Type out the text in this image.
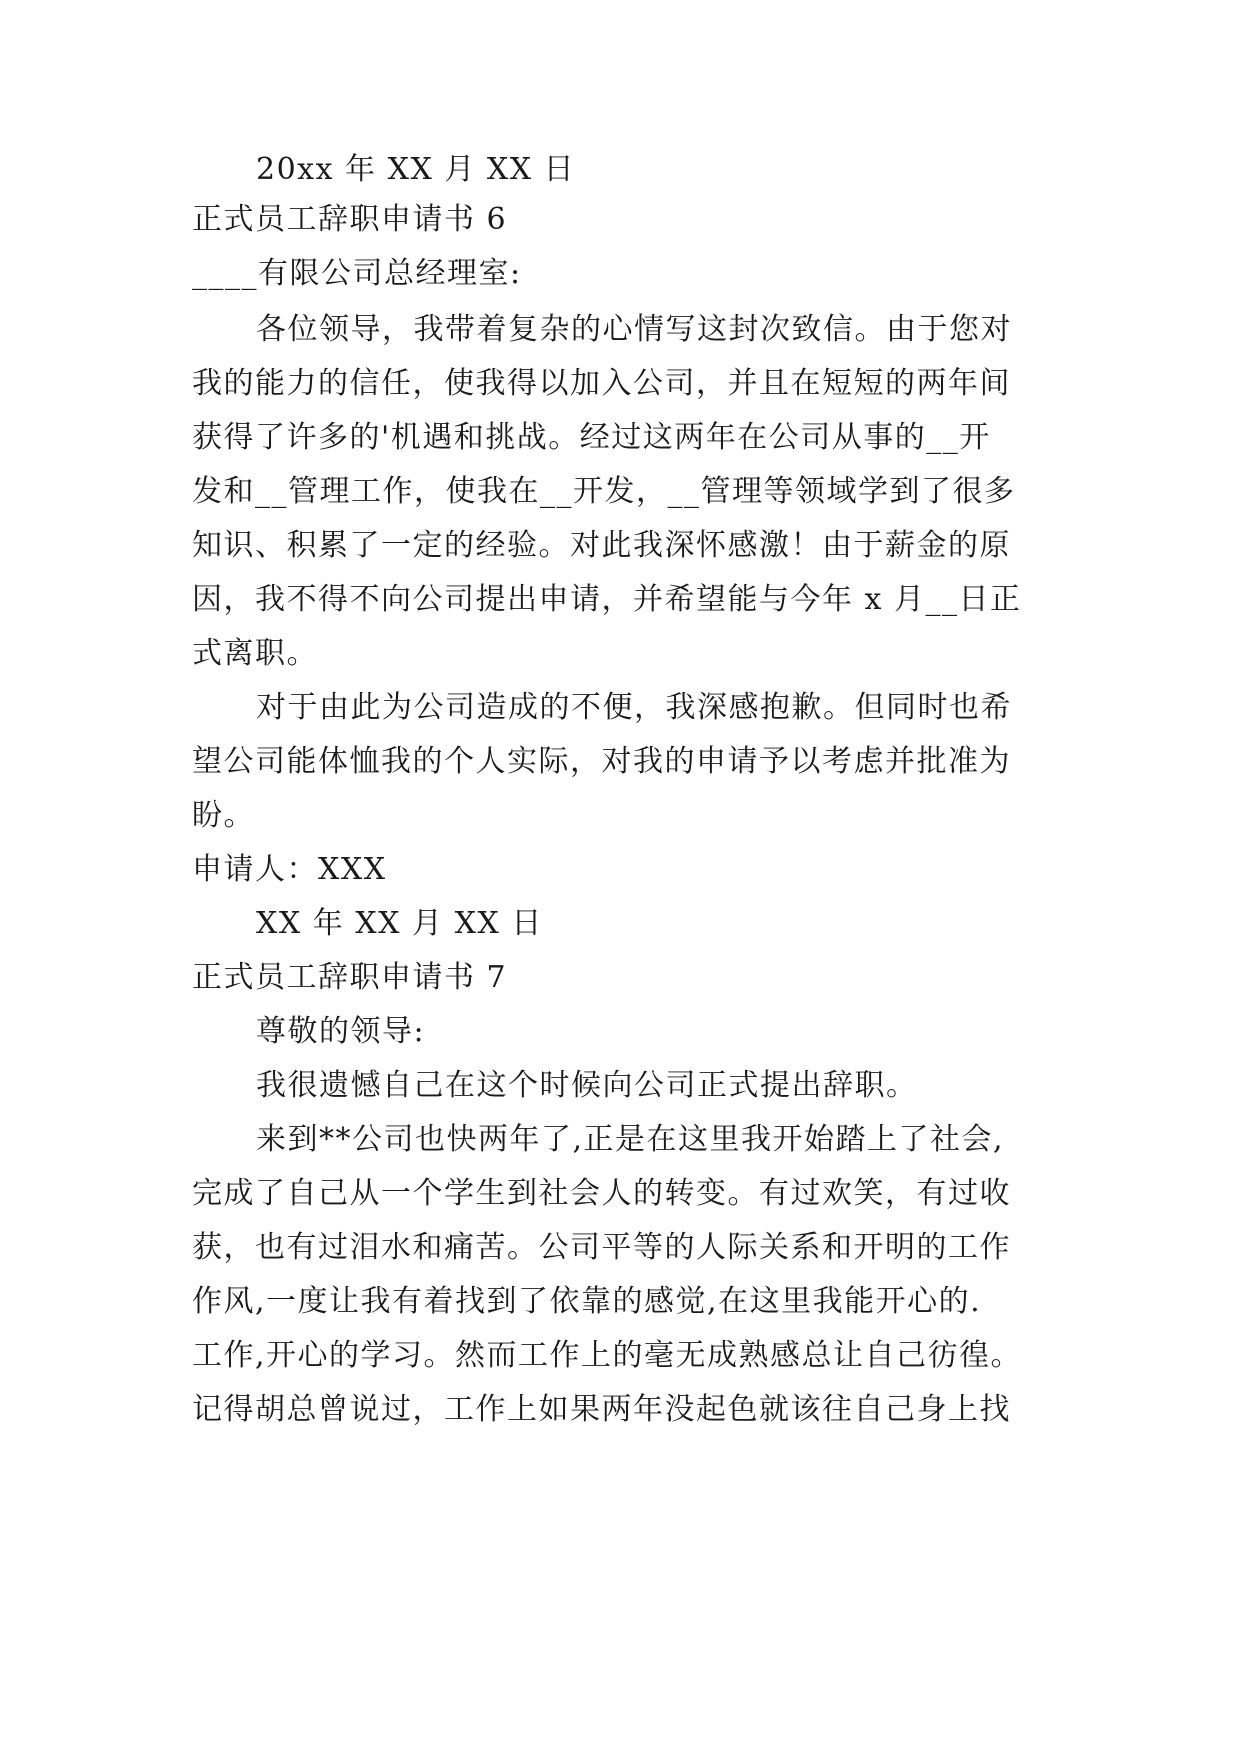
20xx 年 XX 月 XX 日
正式员工辞职申请书 6
____有限公司总经理室:
各位领导，我带着复杂的心情写这封次致信。由于您对
我的能力的信任，使我得以加入公司，并且在短短的两年间
获得了许多的'机遇和挑战。经过这两年在公司从事的__开
发和__管理工作，使我在__开发，__管理等领域学到了很多
知识、积累了一定的经验。对此我深怀感激！由于薪金的原
因，我不得不向公司提出申请，并希望能与今年 x 月__日正
式离职。
对于由此为公司造成的不便，我深感抱歉。但同时也希
望公司能体恤我的个人实际，对我的申请予以考虑并批准为
盼。
申请人：XXX
XX 年 XX 月 XX 日
正式员工辞职申请书 7
尊敬的领导:
我很遗憾自己在这个时候向公司正式提出辞职。
来到**公司也快两年了,正是在这里我开始踏上了社会,
完成了自己从一个学生到社会人的转变。有过欢笑，有过收
获，也有过泪水和痛苦。公司平等的人际关系和开明的工作
作风,一度让我有着找到了依靠的感觉,在这里我能开心的.
工作,开心的学习。然而工作上的毫无成熟感总让自己彷徨。
记得胡总曾说过，工作上如果两年没起色就该往自己身上找
